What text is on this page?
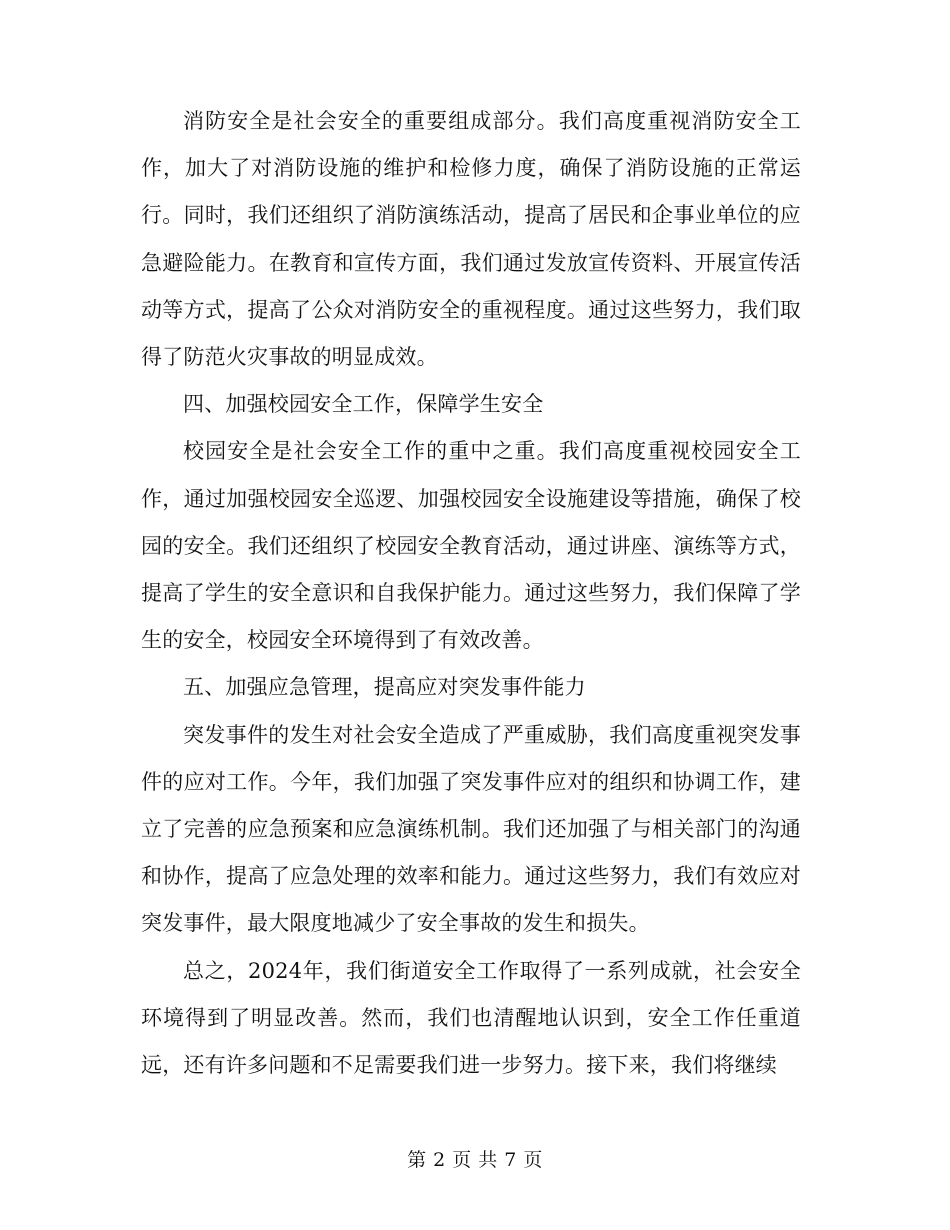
消防安全是社会安全的重要组成部分。我们高度重视消防安全工作，加大了对消防设施的维护和检修力度，确保了消防设施的正常运行。同时，我们还组织了消防演练活动，提高了居民和企事业单位的应急避险能力。在教育和宣传方面，我们通过发放宣传资料、开展宣传活动等方式，提高了公众对消防安全的重视程度。通过这些努力，我们取得了防范火灾事故的明显成效。

四、加强校园安全工作，保障学生安全

校园安全是社会安全工作的重中之重。我们高度重视校园安全工作，通过加强校园安全巡逻、加强校园安全设施建设等措施，确保了校园的安全。我们还组织了校园安全教育活动，通过讲座、演练等方式，提高了学生的安全意识和自我保护能力。通过这些努力，我们保障了学生的安全，校园安全环境得到了有效改善。

五、加强应急管理，提高应对突发事件能力

突发事件的发生对社会安全造成了严重威胁，我们高度重视突发事件的应对工作。今年，我们加强了突发事件应对的组织和协调工作，建立了完善的应急预案和应急演练机制。我们还加强了与相关部门的沟通和协作，提高了应急处理的效率和能力。通过这些努力，我们有效应对突发事件，最大限度地减少了安全事故的发生和损失。

总之，2024年，我们街道安全工作取得了一系列成就，社会安全环境得到了明显改善。然而，我们也清醒地认识到，安全工作任重道远，还有许多问题和不足需要我们进一步努力。接下来，我们将继续

第 2 页 共 7 页
